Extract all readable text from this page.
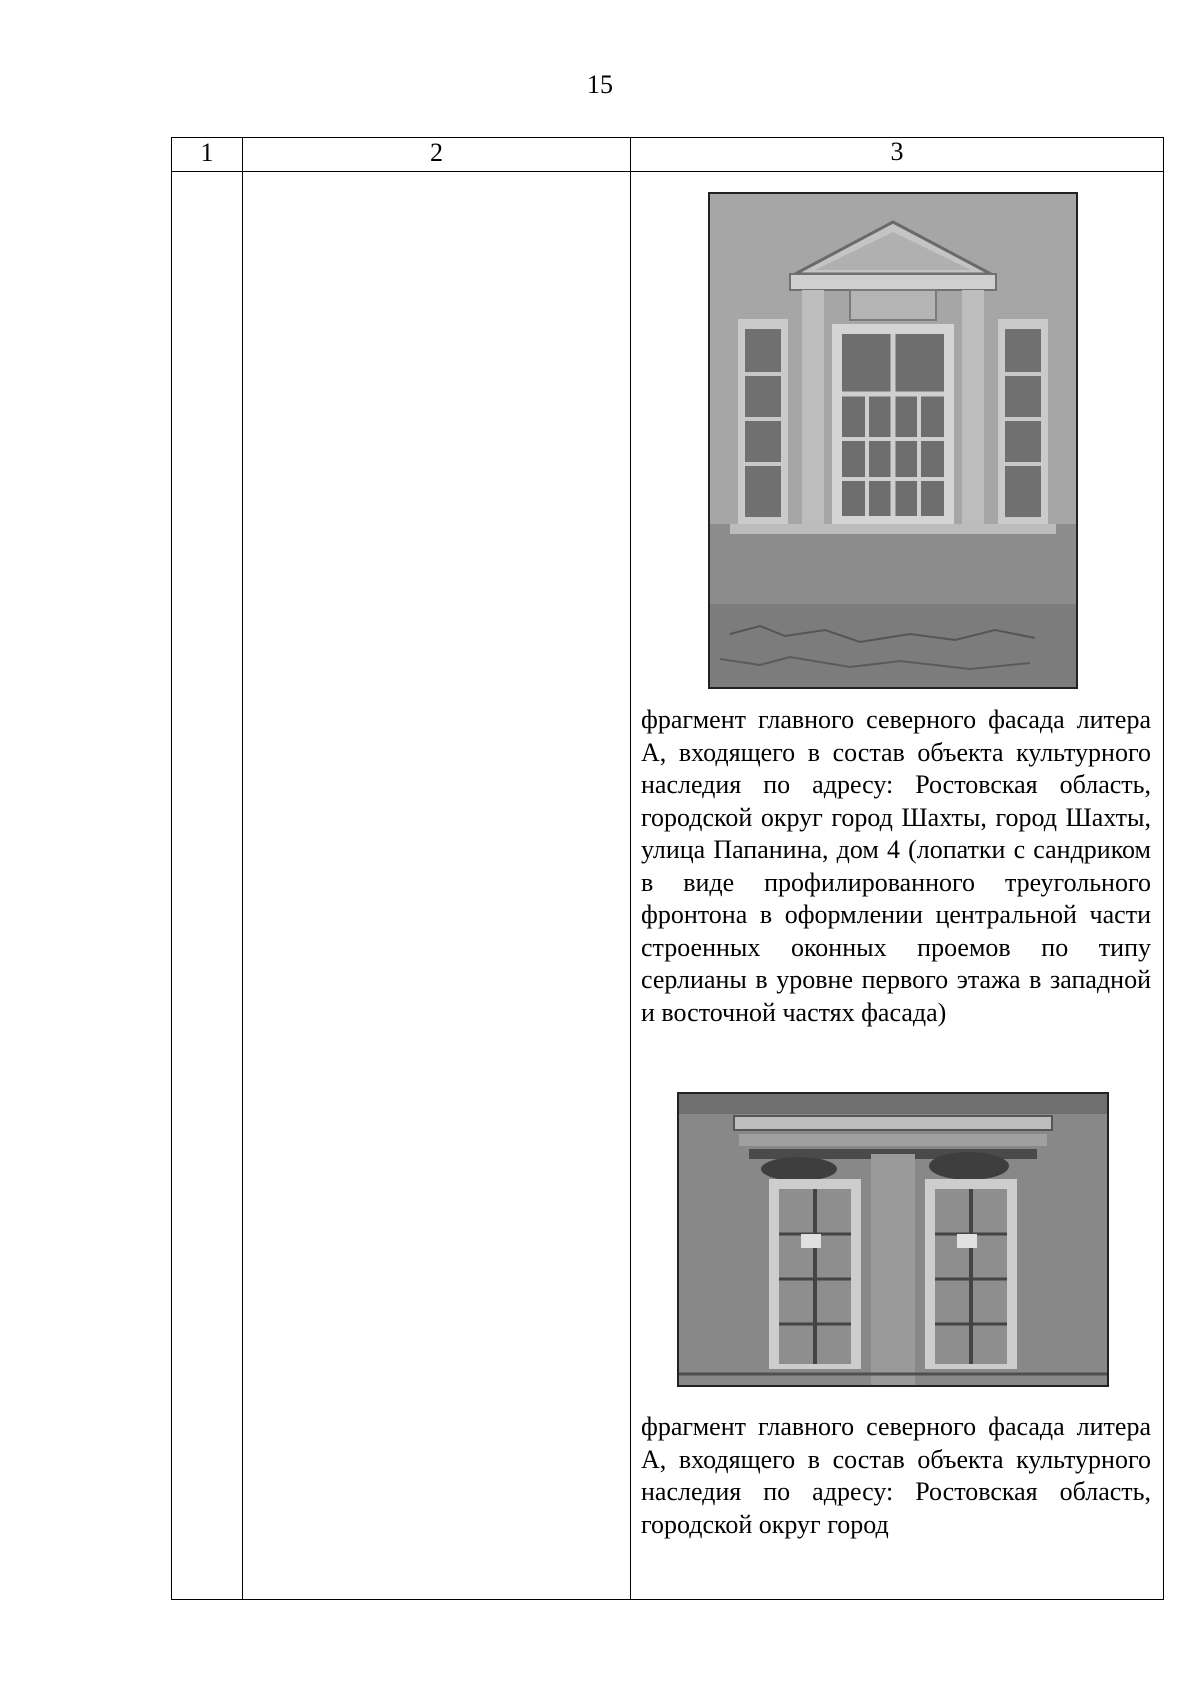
15
1	2	3

		фрагмент главного северного фасада литера А, входящего в состав объекта культурного наследия по адресу: Ростовская область, городской округ город Шахты, город Шахты, улица Папанина, дом 4 (лопатки с сандриком в виде профилированного треугольного фронтона в оформлении центральной части строенных оконных проемов по типу серлианы в уровне первого этажа в западной и восточной частях фасада)
фрагмент главного северного фасада литера А, входящего в состав объекта культурного наследия по адресу: Ростовская область, городской округ город
